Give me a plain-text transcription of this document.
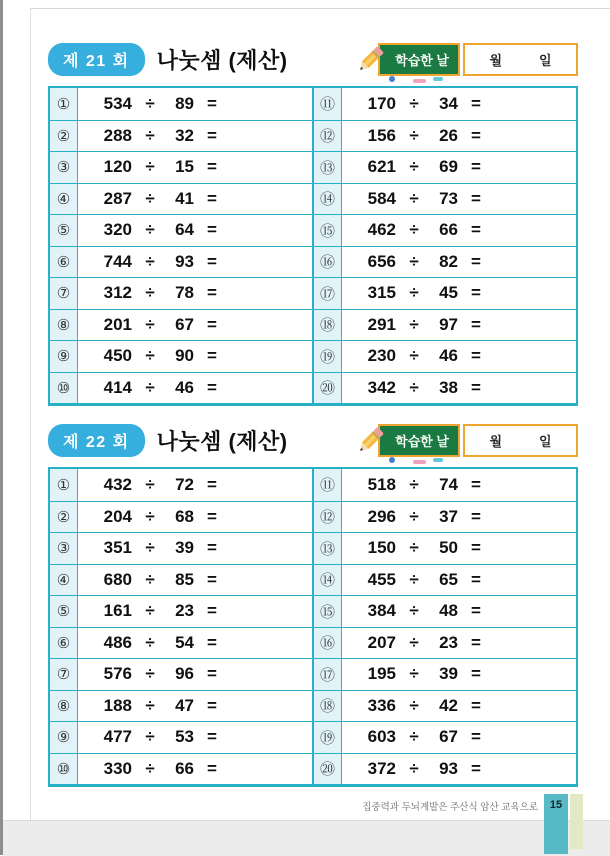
제 21 회	나눗셈 (제산)	학습한 날	월	일
①	534 ÷	89 =	⑪	170 ÷	34 =
②	288 ÷	32 =	⑫	156 ÷	26 =
③	120 ÷	15 =	⑬	621 ÷	69 =
④	287 ÷	41 =	⑭	584 ÷	73 =
⑤	320 ÷	64 =	⑮	462 ÷	66 =
⑥	744 ÷	93 =	⑯	656 ÷	82 =
⑦	312 ÷	78 =	⑰	315 ÷	45 =
⑧	201 ÷	67 =	⑱	291 ÷	97 =
⑨	450 ÷	90 =	⑲	230 ÷	46 =
⑩	414 ÷	46 =	⑳	342 ÷	38 =
제 22 회	나눗셈 (제산)	학습한 날	월	일
①	432 ÷	72 =	⑪	518 ÷	74 =
②	204 ÷	68 =	⑫	296 ÷	37 =
③	351 ÷	39 =	⑬	150 ÷	50 =
④	680 ÷	85 =	⑭	455 ÷	65 =
⑤	161 ÷	23 =	⑮	384 ÷	48 =
⑥	486 ÷	54 =	⑯	207 ÷	23 =
⑦	576 ÷	96 =	⑰	195 ÷	39 =
⑧	188 ÷	47 =	⑱	336 ÷	42 =
⑨	477 ÷	53 =	⑲	603 ÷	67 =
⑩	330 ÷	66 =	⑳	372 ÷	93 =
집중력과 두뇌계발은 주산식 암산 교육으로	15
